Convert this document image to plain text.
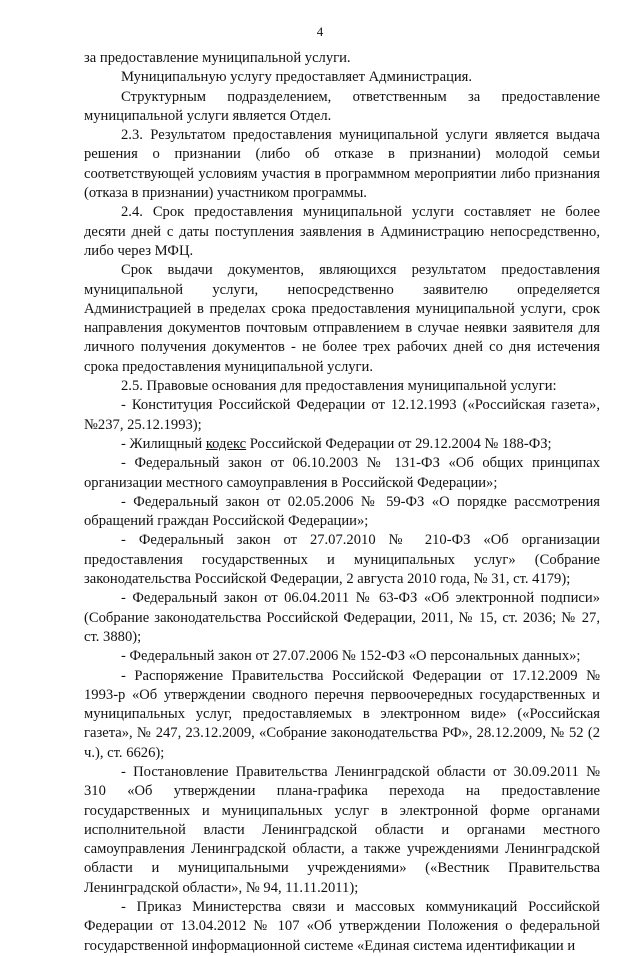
4

за предоставление муниципальной услуги.

Муниципальную услугу предоставляет Администрация.

Структурным подразделением, ответственным за предоставление муниципальной услуги является Отдел.

2.3. Результатом предоставления муниципальной услуги является выдача решения о признании (либо об отказе в признании) молодой семьи соответствующей условиям участия в программном мероприятии либо признания (отказа в признании) участником программы.

2.4. Срок предоставления муниципальной услуги составляет не более десяти дней с даты поступления заявления в Администрацию непосредственно, либо через МФЦ.

Срок выдачи документов, являющихся результатом предоставления муниципальной услуги, непосредственно заявителю определяется Администрацией в пределах срока предоставления муниципальной услуги, срок направления документов почтовым отправлением в случае неявки заявителя для личного получения документов - не более трех рабочих дней со дня истечения срока предоставления муниципальной услуги.

2.5. Правовые основания для предоставления муниципальной услуги:

- Конституция Российской Федерации от 12.12.1993 («Российская газета», №237, 25.12.1993);

- Жилищный кодекс Российской Федерации от 29.12.2004 № 188-ФЗ;

- Федеральный закон от 06.10.2003 № 131-ФЗ «Об общих принципах организации местного самоуправления в Российской Федерации»;

- Федеральный закон от 02.05.2006 № 59-ФЗ «О порядке рассмотрения обращений граждан Российской Федерации»;

- Федеральный закон от 27.07.2010 № 210-ФЗ «Об организации предоставления государственных и муниципальных услуг» (Собрание законодательства Российской Федерации, 2 августа 2010 года, № 31, ст. 4179);

- Федеральный закон от 06.04.2011 № 63-ФЗ «Об электронной подписи» (Собрание законодательства Российской Федерации, 2011, № 15, ст. 2036; № 27, ст. 3880);

- Федеральный закон от 27.07.2006 № 152-ФЗ «О персональных данных»;

- Распоряжение Правительства Российской Федерации от 17.12.2009 № 1993-р «Об утверждении сводного перечня первоочередных государственных и муниципальных услуг, предоставляемых в электронном виде» («Российская газета», № 247, 23.12.2009, «Собрание законодательства РФ», 28.12.2009, № 52 (2 ч.), ст. 6626);

- Постановление Правительства Ленинградской области от 30.09.2011 № 310 «Об утверждении плана-графика перехода на предоставление государственных и муниципальных услуг в электронной форме органами исполнительной власти Ленинградской области и органами местного самоуправления Ленинградской области, а также учреждениями Ленинградской области и муниципальными учреждениями» («Вестник Правительства Ленинградской области», № 94, 11.11.2011);

- Приказ Министерства связи и массовых коммуникаций Российской Федерации от 13.04.2012 № 107 «Об утверждении Положения о федеральной государственной информационной системе «Единая система идентификации и
